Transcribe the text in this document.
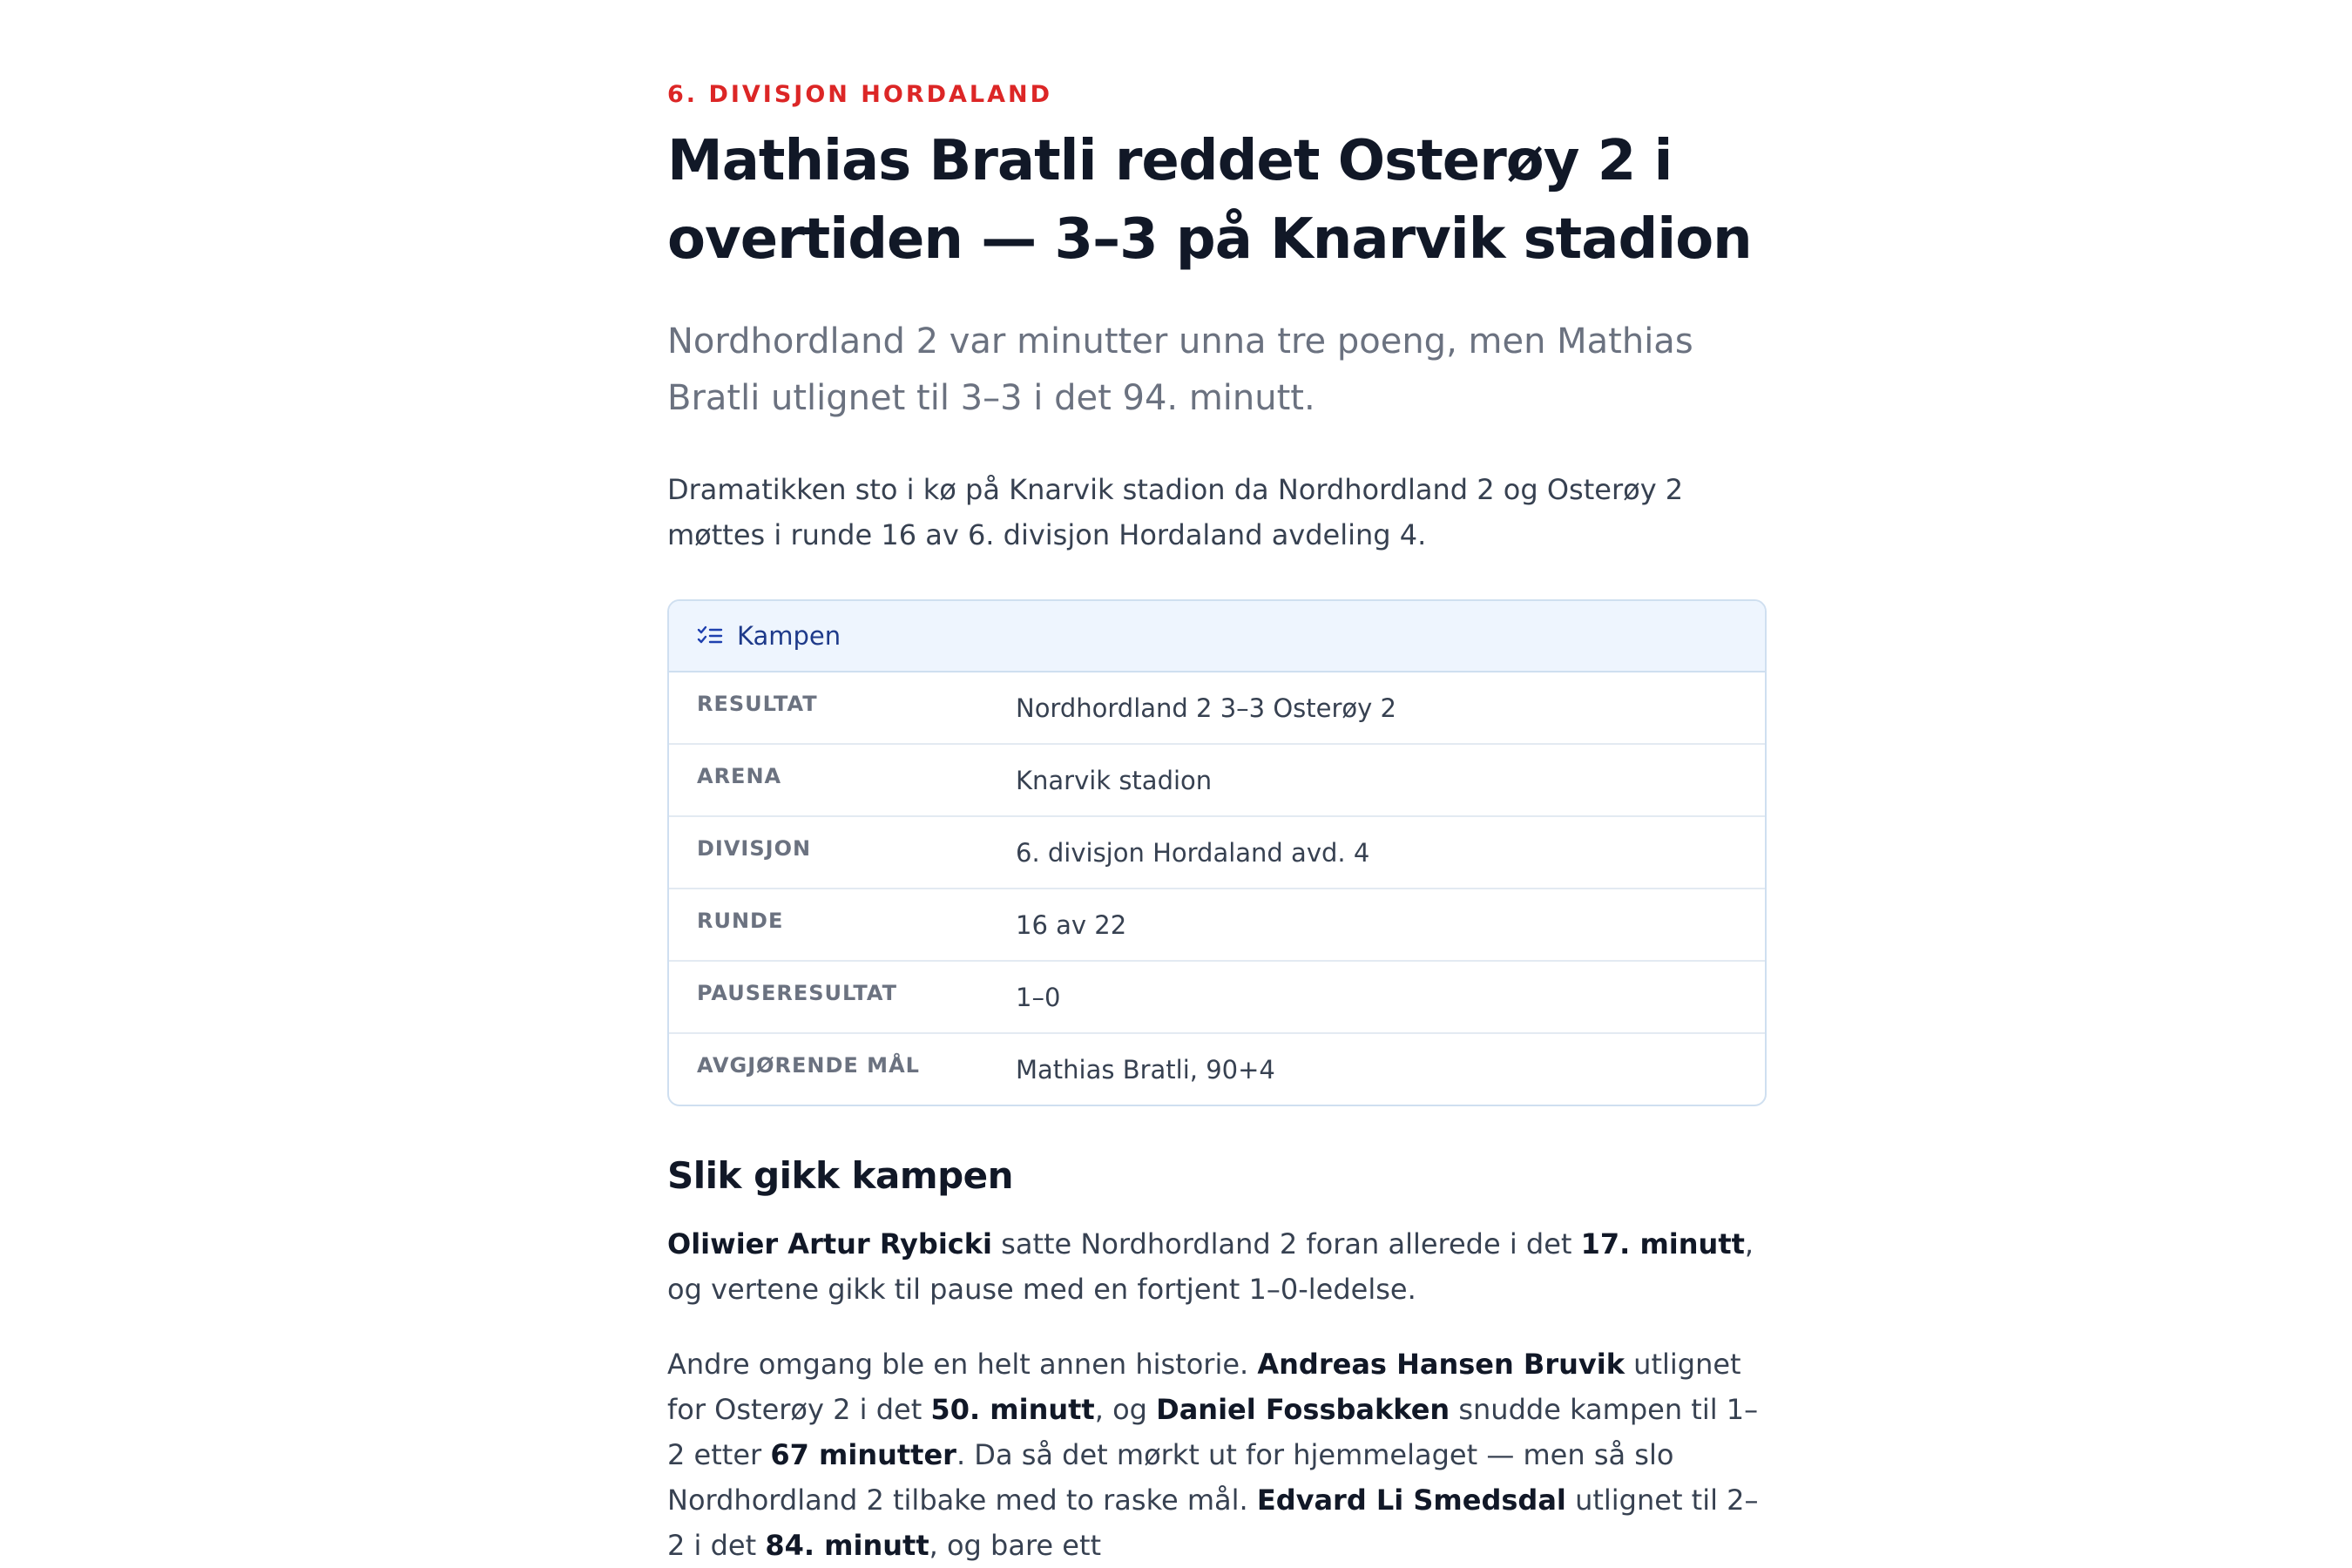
6. DIVISJON HORDALAND
Mathias Bratli reddet Osterøy 2 i overtiden — 3–3 på Knarvik stadion
Nordhordland 2 var minutter unna tre poeng, men Mathias Bratli utlignet til 3–3 i det 94. minutt.

Dramatikken sto i kø på Knarvik stadion da Nordhordland 2 og Osterøy 2 møttes i runde 16 av 6. divisjon Hordaland avdeling 4.

Kampen
RESULTAT	Nordhordland 2 3–3 Osterøy 2
ARENA	Knarvik stadion
DIVISJON	6. divisjon Hordaland avd. 4
RUNDE	16 av 22
PAUSERESULTAT	1–0
AVGJØRENDE MÅL	Mathias Bratli, 90+4
Slik gikk kampen

Oliwier Artur Rybicki satte Nordhordland 2 foran allerede i det 17. minutt, og vertene gikk til pause med en fortjent 1–0-ledelse.

Andre omgang ble en helt annen historie. Andreas Hansen Bruvik utlignet for Osterøy 2 i det 50. minutt, og Daniel Fossbakken snudde kampen til 1–2 etter 67 minutter. Da så det mørkt ut for hjemmelaget — men så slo Nordhordland 2 tilbake med to raske mål. Edvard Li Smedsdal utlignet til 2–2 i det 84. minutt, og bare ett
